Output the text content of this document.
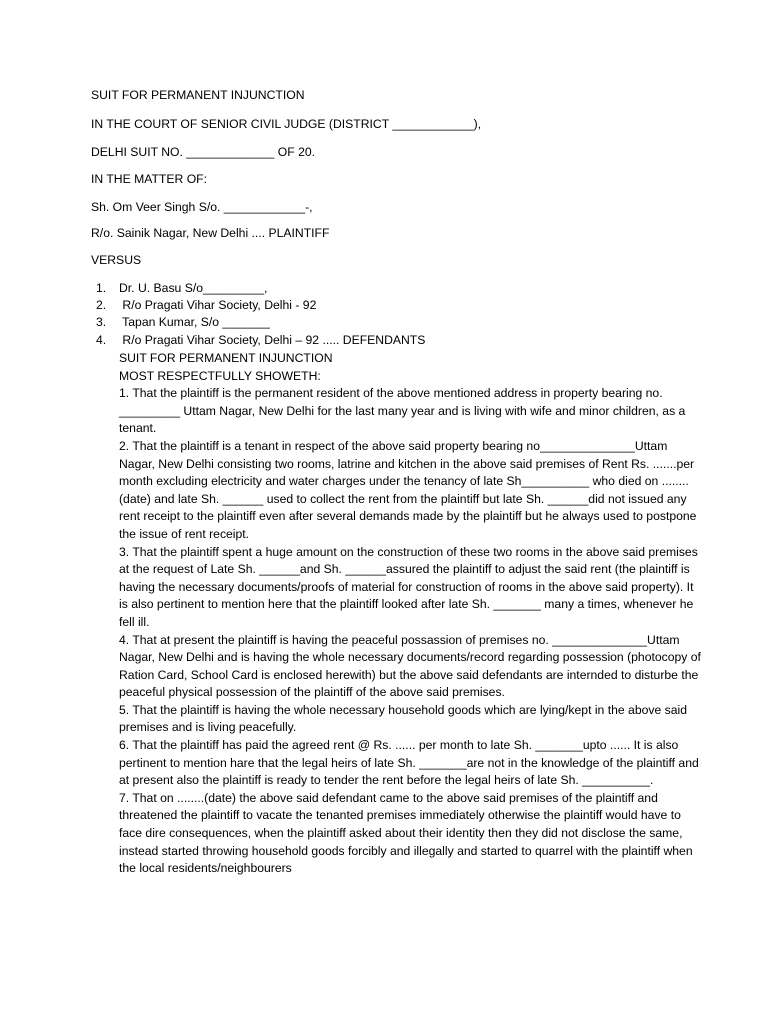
SUIT FOR PERMANENT INJUNCTION

IN THE COURT OF SENIOR CIVIL JUDGE (DISTRICT ____________),

DELHI SUIT NO. _____________ OF 20.

IN THE MATTER OF:

Sh. Om Veer Singh S/o. ____________-,

R/o. Sainik Nagar, New Delhi .... PLAINTIFF

VERSUS

1. Dr. U. Basu S/o_________,
2. R/o Pragati Vihar Society, Delhi - 92
3. Tapan Kumar, S/o _______
4. R/o Pragati Vihar Society, Delhi – 92 ..... DEFENDANTS

SUIT FOR PERMANENT INJUNCTION

MOST RESPECTFULLY SHOWETH:

1. That the plaintiff is the permanent resident of the above mentioned address in property bearing no. _________ Uttam Nagar, New Delhi for the last many year and is living with wife and minor children, as a tenant.

2. That the plaintiff is a tenant in respect of the above said property bearing no______________Uttam Nagar, New Delhi consisting two rooms, latrine and kitchen in the above said premises of Rent Rs. .......per month excluding electricity and water charges under the tenancy of late Sh__________ who died on ........(date) and late Sh. ______ used to collect the rent from the plaintiff but late Sh. ______did not issued any rent receipt to the plaintiff even after several demands made by the plaintiff but he always used to postpone the issue of rent receipt.

3. That the plaintiff spent a huge amount on the construction of these two rooms in the above said premises at the request of Late Sh. ______and Sh. ______assured the plaintiff to adjust the said rent (the plaintiff is having the necessary documents/proofs of material for construction of rooms in the above said property). It is also pertinent to mention here that the plaintiff looked after late Sh. _______ many a times, whenever he fell ill.

4. That at present the plaintiff is having the peaceful possassion of premises no. ______________Uttam Nagar, New Delhi and is having the whole necessary documents/record regarding possession (photocopy of Ration Card, School Card is enclosed herewith) but the above said defendants are internded to disturbe the peaceful physical possession of the plaintiff of the above said premises.

5. That the plaintiff is having the whole necessary household goods which are lying/kept in the above said premises and is living peacefully.

6. That the plaintiff has paid the agreed rent @ Rs. ...... per month to late Sh. _______upto ...... It is also pertinent to mention hare that the legal heirs of late Sh. _______are not in the knowledge of the plaintiff and at present also the plaintiff is ready to tender the rent before the legal heirs of late Sh. __________.

7. That on ........(date) the above said defendant came to the above said premises of the plaintiff and threatened the plaintiff to vacate the tenanted premises immediately otherwise the plaintiff would have to face dire consequences, when the plaintiff asked about their identity then they did not disclose the same, instead started throwing household goods forcibly and illegally and started to quarrel with the plaintiff when the local residents/neighbourers
